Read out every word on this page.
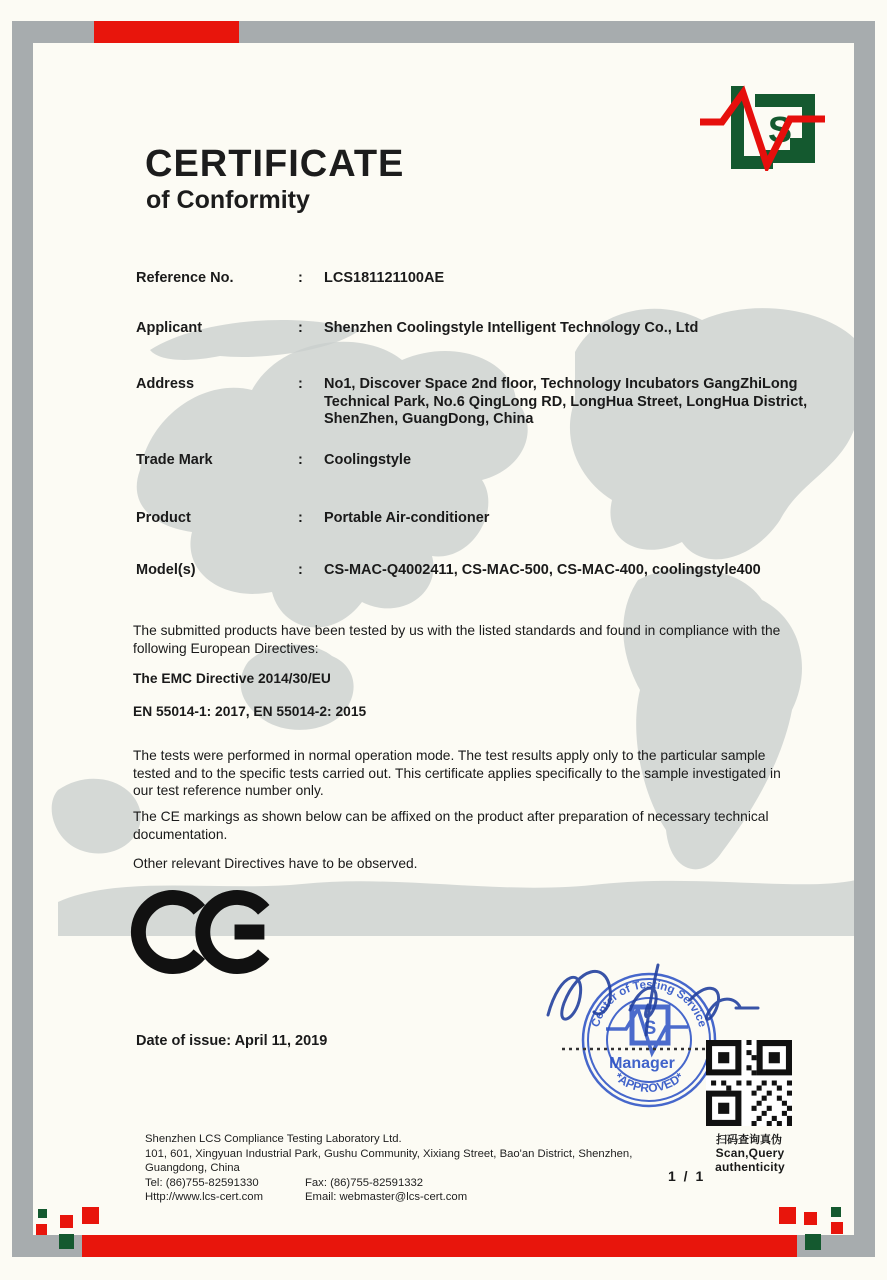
S
CERTIFICATE
of Conformity
Reference No.	:	LCS181121100AE
Applicant	:	Shenzhen Coolingstyle Intelligent Technology Co., Ltd
Address	:	No1, Discover Space 2nd floor, Technology Incubators GangZhiLong Technical Park, No.6 QingLong RD, LongHua Street, LongHua District, ShenZhen, GuangDong, China
Trade Mark	:	Coolingstyle
Product	:	Portable Air-conditioner
Model(s)	:	CS-MAC-Q4002411, CS-MAC-500, CS-MAC-400, coolingstyle400
The submitted products have been tested by us with the listed standards and found in compliance with the following European Directives:
The EMC Directive 2014/30/EU
EN 55014-1: 2017, EN 55014-2: 2015
The tests were performed in normal operation mode. The test results apply only to the particular sample tested and to the specific tests carried out. This certificate applies specifically to the sample investigated in our test reference number only.
The CE markings as shown below can be affixed on the product after preparation of necessary technical documentation.
Other relevant Directives have to be observed.
Date of issue: April 11, 2019
Center of Testing Service
*APPROVED*
S
Manager
扫码查询真伪
Scan,Query authenticity
Shenzhen LCS Compliance Testing Laboratory Ltd.
101, 601, Xingyuan Industrial Park, Gushu Community, Xixiang Street, Bao'an District, Shenzhen,
Guangdong, China
Tel: (86)755-82591330	Fax: (86)755-82591332
Http://www.lcs-cert.com	Email: webmaster@lcs-cert.com
1 / 1
